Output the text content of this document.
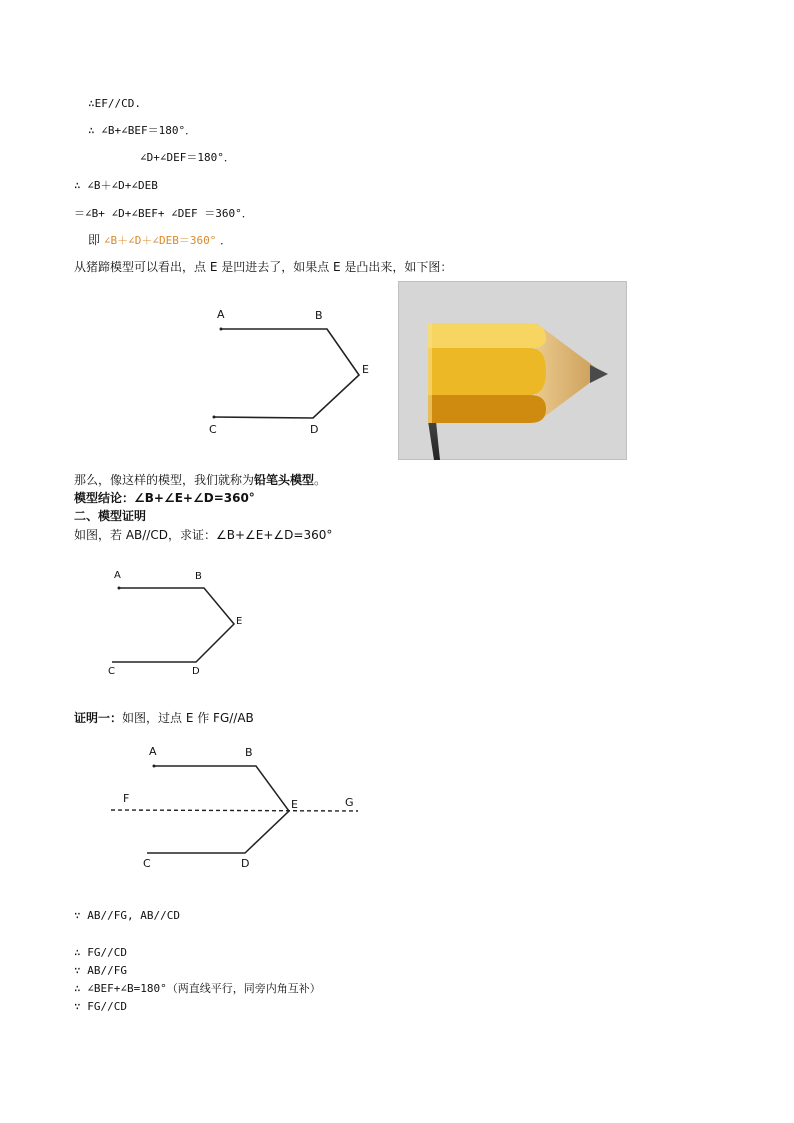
∴EF//CD.
∴ ∠B+∠BEF＝180°．
∠D+∠DEF＝180°．
∴ ∠B＋∠D+∠DEB
＝∠B+ ∠D+∠BEF+ ∠DEF ＝360°．
即 ∠B＋∠D＋∠DEB＝360° ．
从猪蹄模型可以看出，点 E 是凹进去了，如果点 E 是凸出来，如下图：
A	B
E
C	D
那么，像这样的模型，我们就称为铅笔头模型。
模型结论：∠B+∠E+∠D=360°
二、模型证明
如图，若 AB//CD，求证：∠B+∠E+∠D=360°
A	B
E
C	D
证明一：如图，过点 E 作 FG//AB
A	B
F	E	G
C	D
∵ AB//FG, AB//CD
∴ FG//CD
∵ AB//FG
∴ ∠BEF+∠B=180°（两直线平行，同旁内角互补）
∵ FG//CD
